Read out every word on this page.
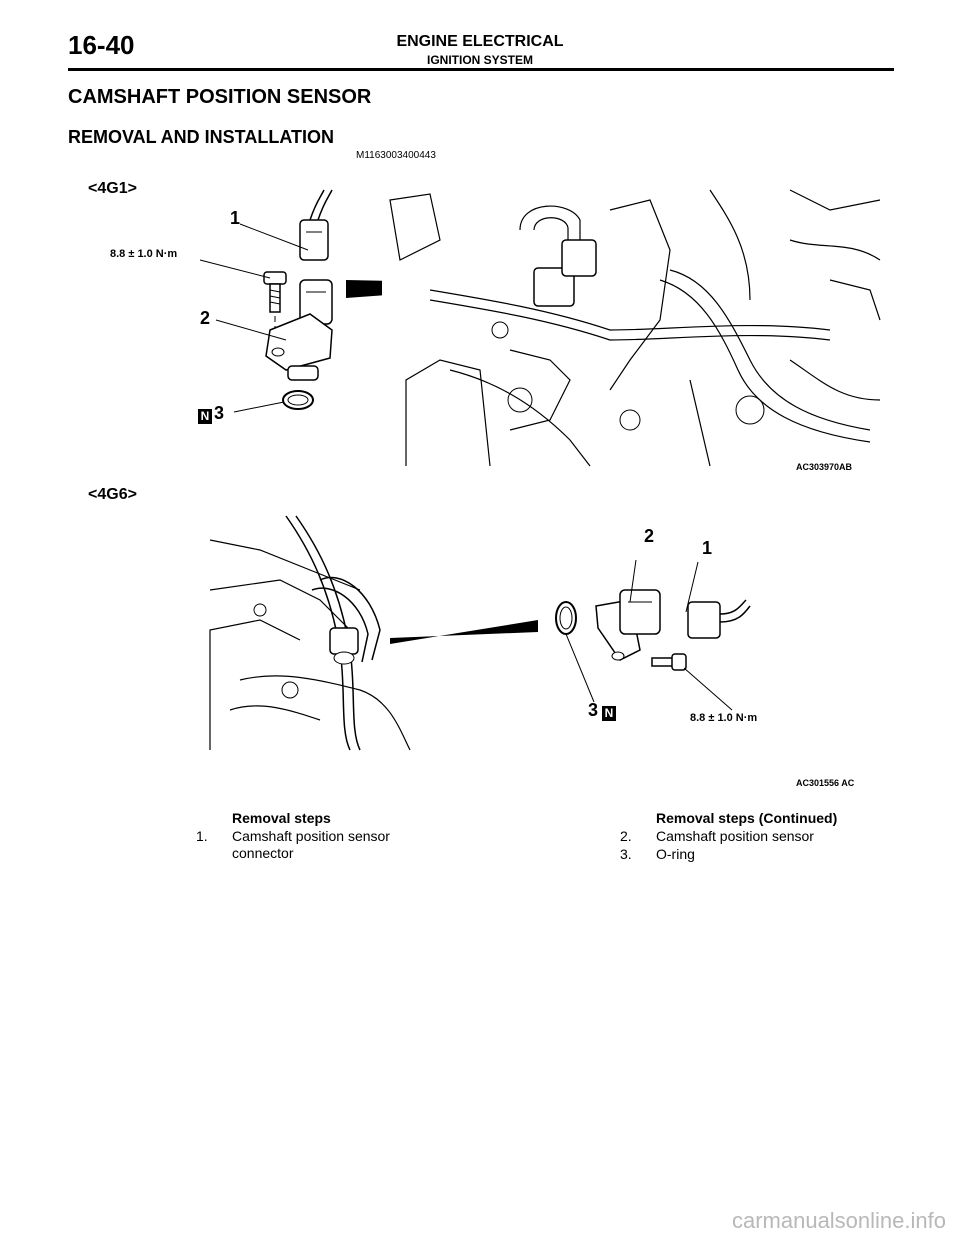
16-40	ENGINE ELECTRICAL
IGNITION SYSTEM
CAMSHAFT POSITION SENSOR
REMOVAL AND INSTALLATION
M1163003400443
<4G1>
1
8.8 ± 1.0 N·m
2
N 3
AC303970AB
<4G6>
2
1
3 N	8.8 ± 1.0 N·m
AC301556 AC
Removal steps
1. Camshaft position sensor
connector
Removal steps (Continued)
2. Camshaft position sensor
3. O-ring
carmanualsonline.info
